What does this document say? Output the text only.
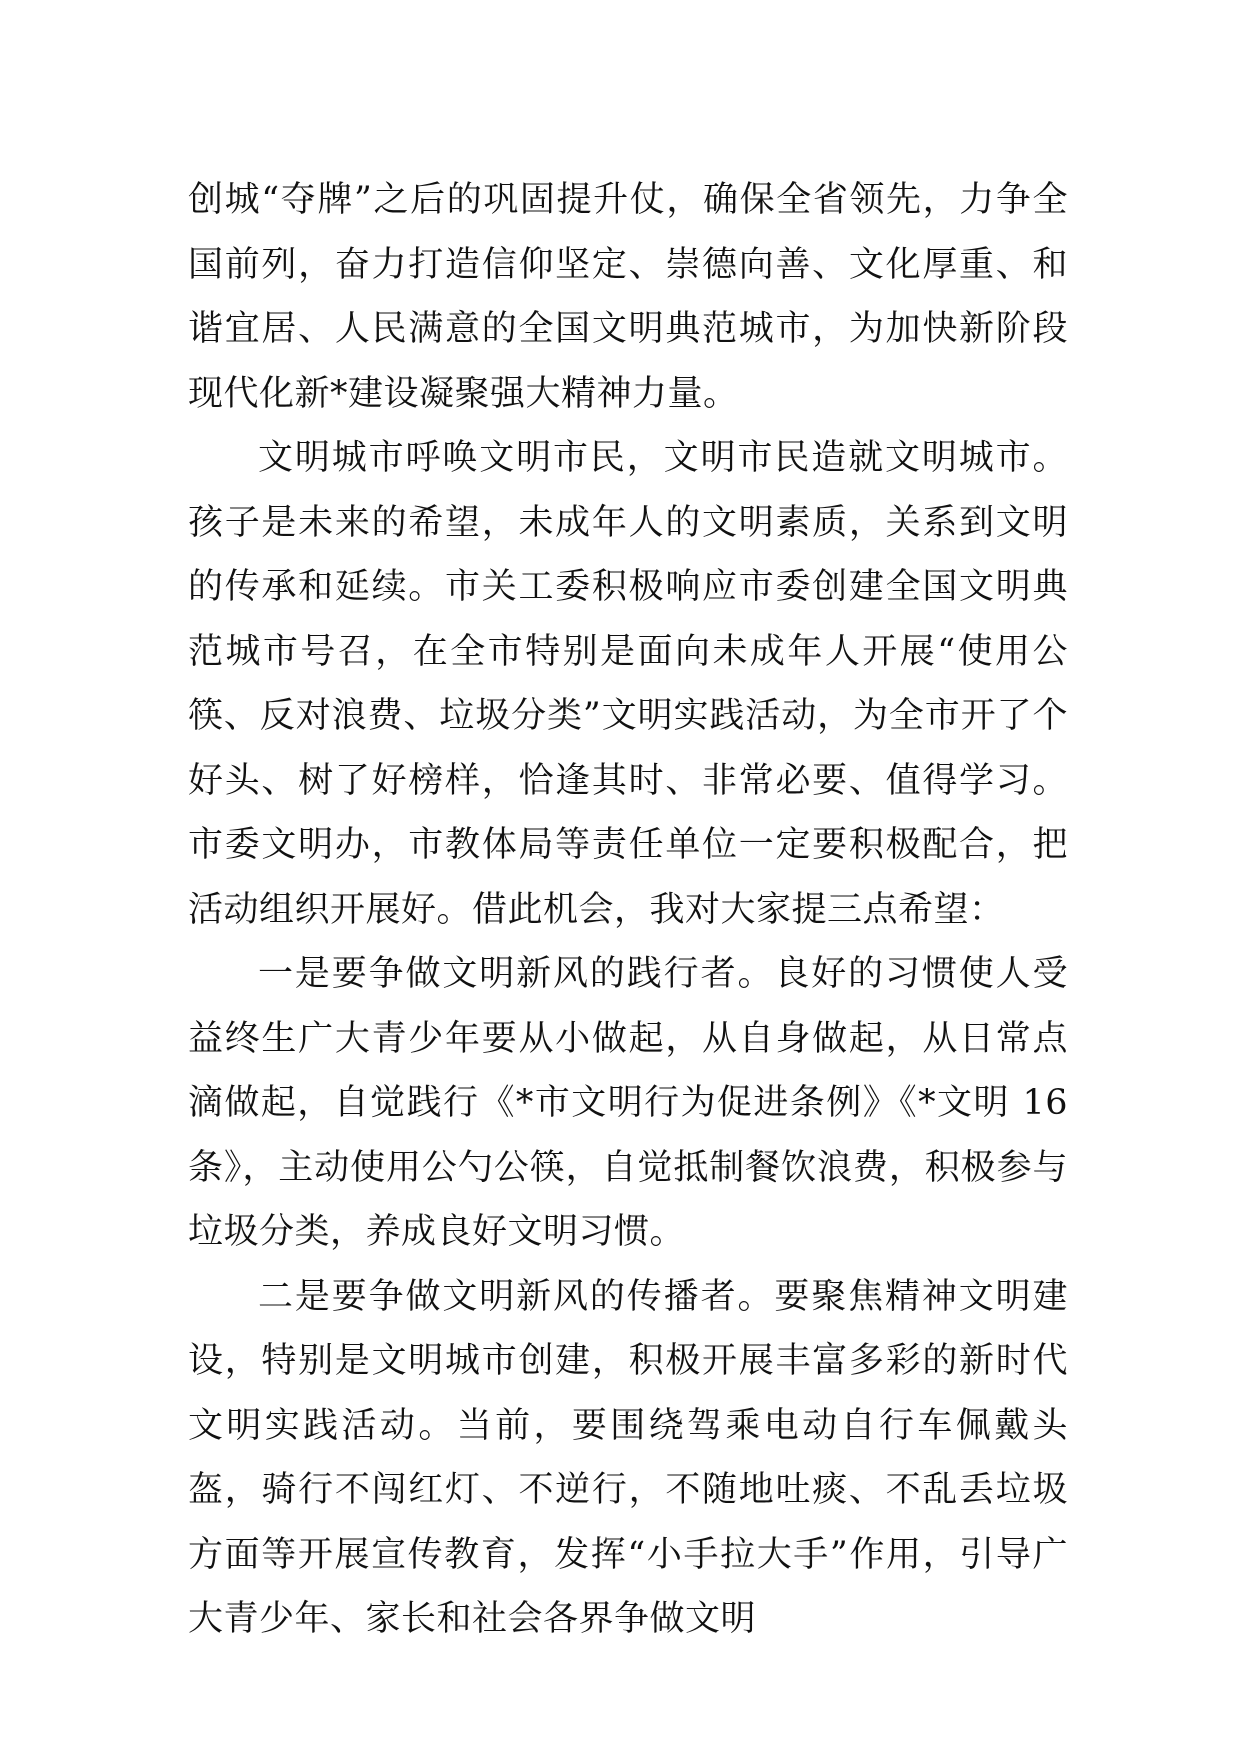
创城“夺牌”之后的巩固提升仗，确保全省领先，力争全国前列，奋力打造信仰坚定、崇德向善、文化厚重、和谐宜居、人民满意的全国文明典范城市，为加快新阶段现代化新*建设凝聚强大精神力量。

文明城市呼唤文明市民，文明市民造就文明城市。孩子是未来的希望，未成年人的文明素质，关系到文明的传承和延续。市关工委积极响应市委创建全国文明典范城市号召，在全市特别是面向未成年人开展“使用公筷、反对浪费、垃圾分类”文明实践活动，为全市开了个好头、树了好榜样，恰逢其时、非常必要、值得学习。市委文明办，市教体局等责任单位一定要积极配合，把活动组织开展好。借此机会，我对大家提三点希望：

一是要争做文明新风的践行者。良好的习惯使人受益终生广大青少年要从小做起，从自身做起，从日常点滴做起，自觉践行《*市文明行为促进条例》《*文明 16 条》，主动使用公勺公筷，自觉抵制餐饮浪费，积极参与垃圾分类，养成良好文明习惯。

二是要争做文明新风的传播者。要聚焦精神文明建设，特别是文明城市创建，积极开展丰富多彩的新时代文明实践活动。当前，要围绕驾乘电动自行车佩戴头盔，骑行不闯红灯、不逆行，不随地吐痰、不乱丢垃圾方面等开展宣传教育，发挥“小手拉大手”作用，引导广大青少年、家长和社会各界争做文明
